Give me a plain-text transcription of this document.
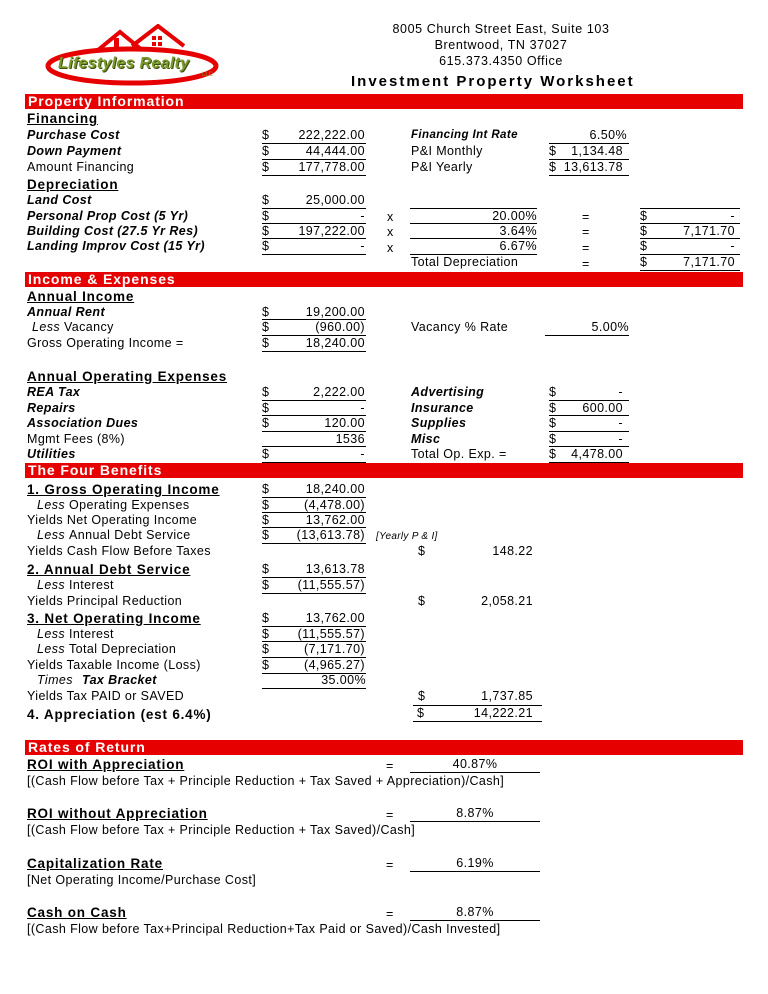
Lifestyles Realty
LLC
8005 Church Street East, Suite 103
Brentwood, TN 37027
615.373.4350 Office
Investment Property Worksheet
Property Information
Financing
Purchase Cost	$	222,222.00	Financing Int Rate	6.50%
Down Payment	$	44,444.00	P&I Monthly	$	1,134.48
Amount Financing	$	177,778.00	P&I Yearly	$ 13,613.78
Depreciation
Land Cost	$	25,000.00
Personal Prop Cost (5 Yr)	$	- x	20.00%	=	$	-
Building Cost (27.5 Yr Res)	$	197,222.00 x	3.64%	=	$	7,171.70
Landing Improv Cost (15 Yr)	$	- x	6.67%	=	$	-
Total Depreciation	=	$	7,171.70
Income & Expenses
Annual Income
Annual Rent	$	19,200.00
Less Vacancy	$	(960.00)	Vacancy % Rate	5.00%
Gross Operating Income =	$	18,240.00
Annual Operating Expenses
REA Tax	$	2,222.00	Advertising	$	-
Repairs	$	-	Insurance	$	600.00
Association Dues	$	120.00	Supplies	$	-
Mgmt Fees (8%)	1536	Misc	$	-
Utilities	$	-	Total Op. Exp. =	$	4,478.00
The Four Benefits
1. Gross Operating Income	$	18,240.00
Less Operating Expenses	$	(4,478.00)
Yields Net Operating Income	$	13,762.00
Less Annual Debt Service	$	(13,613.78) [Yearly P & I]
Yields Cash Flow Before Taxes	$	148.22
2. Annual Debt Service	$	13,613.78
Less Interest	$	(11,555.57)
Yields Principal Reduction	$	2,058.21
3. Net Operating Income	$	13,762.00
Less Interest	$	(11,555.57)
Less Total Depreciation	$	(7,171.70)
Yields Taxable Income (Loss)	$	(4,965.27)
Times Tax Bracket	35.00%
Yields Tax PAID or SAVED	$	1,737.85
4. Appreciation (est 6.4%)	$	14,222.21
Rates of Return
ROI with Appreciation	=	40.87%
[(Cash Flow before Tax + Principle Reduction + Tax Saved + Appreciation)/Cash]
ROI without Appreciation	=	8.87%
[(Cash Flow before Tax + Principle Reduction + Tax Saved)/Cash]
Capitalization Rate	=	6.19%
[Net Operating Income/Purchase Cost]
Cash on Cash	=	8.87%
[(Cash Flow before Tax+Principal Reduction+Tax Paid or Saved)/Cash Invested]
